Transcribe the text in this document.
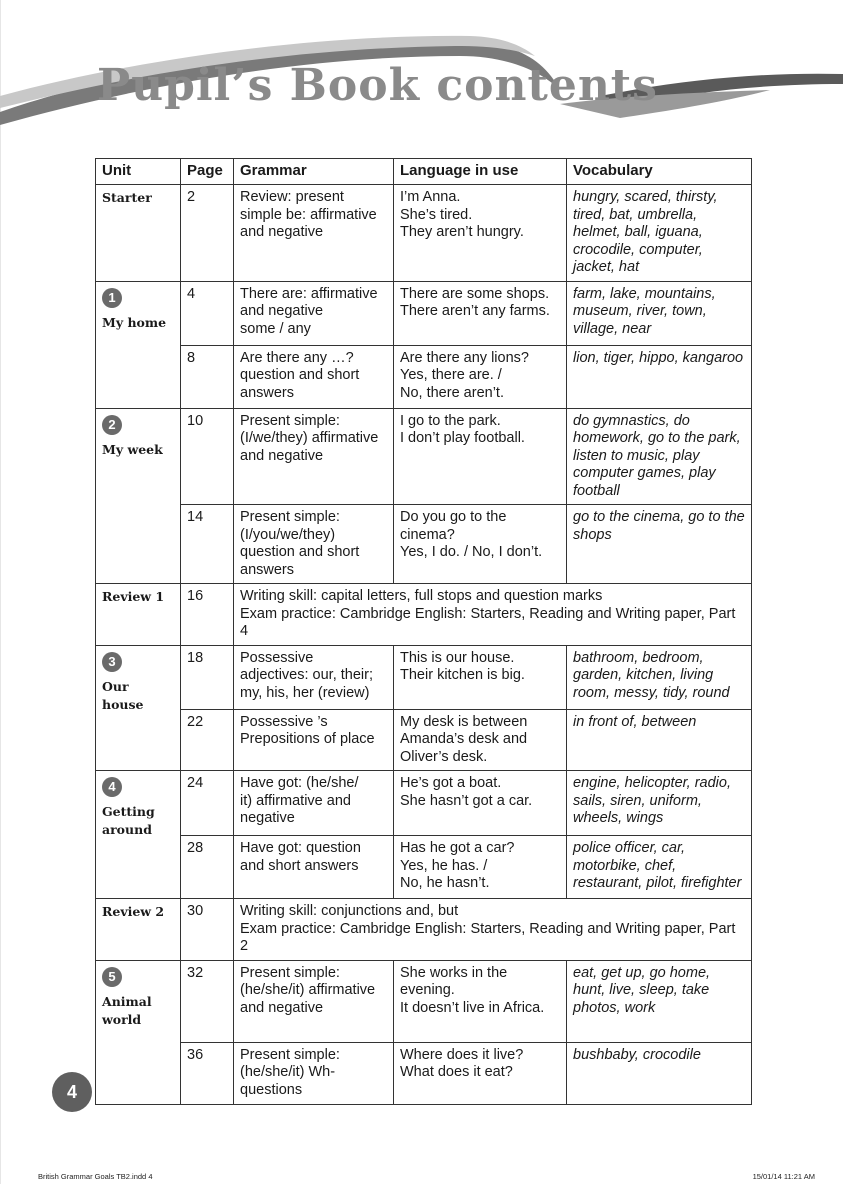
Pupil’s Book contents
Unit	Page	Grammar	Language in use	Vocabulary
Starter	2	Review: present
simple be: affirmative
and negative	I’m Anna.
She’s tired.
They aren’t hungry.	hungry, scared, thirsty, tired, bat, umbrella, helmet, ball, iguana, crocodile, computer, jacket, hat
1
My home	4	There are: affirmative
and negative
some / any	There are some shops.
There aren’t any farms.	farm, lake, mountains, museum, river, town, village, near
	8	Are there any …?
question and short
answers	Are there any lions?
Yes, there are. /
No, there aren’t.	lion, tiger, hippo, kangaroo
2
My week	10	Present simple:
(I/we/they) affirmative
and negative	I go to the park.
I don’t play football.	do gymnastics, do homework, go to the park, listen to music, play computer games, play football
	14	Present simple:
(I/you/we/they)
question and short
answers	Do you go to the
cinema?
Yes, I do. / No, I don’t.	go to the cinema, go to the shops
Review 1	16	Writing skill: capital letters, full stops and question marks
Exam practice: Cambridge English: Starters, Reading and Writing paper, Part 4		

3
Our house	18	Possessive
adjectives: our, their;
my, his, her (review)	This is our house.
Their kitchen is big.	bathroom, bedroom, garden, kitchen, living room, messy, tidy, round
	22	Possessive ’s
Prepositions of place	My desk is between
Amanda’s desk and
Oliver’s desk.	in front of, between
4
Getting
around	24	Have got: (he/she/
it) affirmative and
negative	He’s got a boat.
She hasn’t got a car.	engine, helicopter, radio, sails, siren, uniform, wheels, wings
	28	Have got: question
and short answers	Has he got a car?
Yes, he has. /
No, he hasn’t.	police officer, car, motorbike, chef, restaurant, pilot, firefighter
Review 2	30	Writing skill: conjunctions and, but
Exam practice: Cambridge English: Starters, Reading and Writing paper, Part 2		

5
Animal
world	32	Present simple:
(he/she/it) affirmative
and negative	She works in the
evening.
It doesn’t live in Africa.	eat, get up, go home, hunt, live, sleep, take photos, work
	36	Present simple:
(he/she/it) Wh-
questions	Where does it live?
What does it eat?	bushbaby, crocodile
4
British Grammar Goals TB2.indd 4	15/01/14 11:21 AM
